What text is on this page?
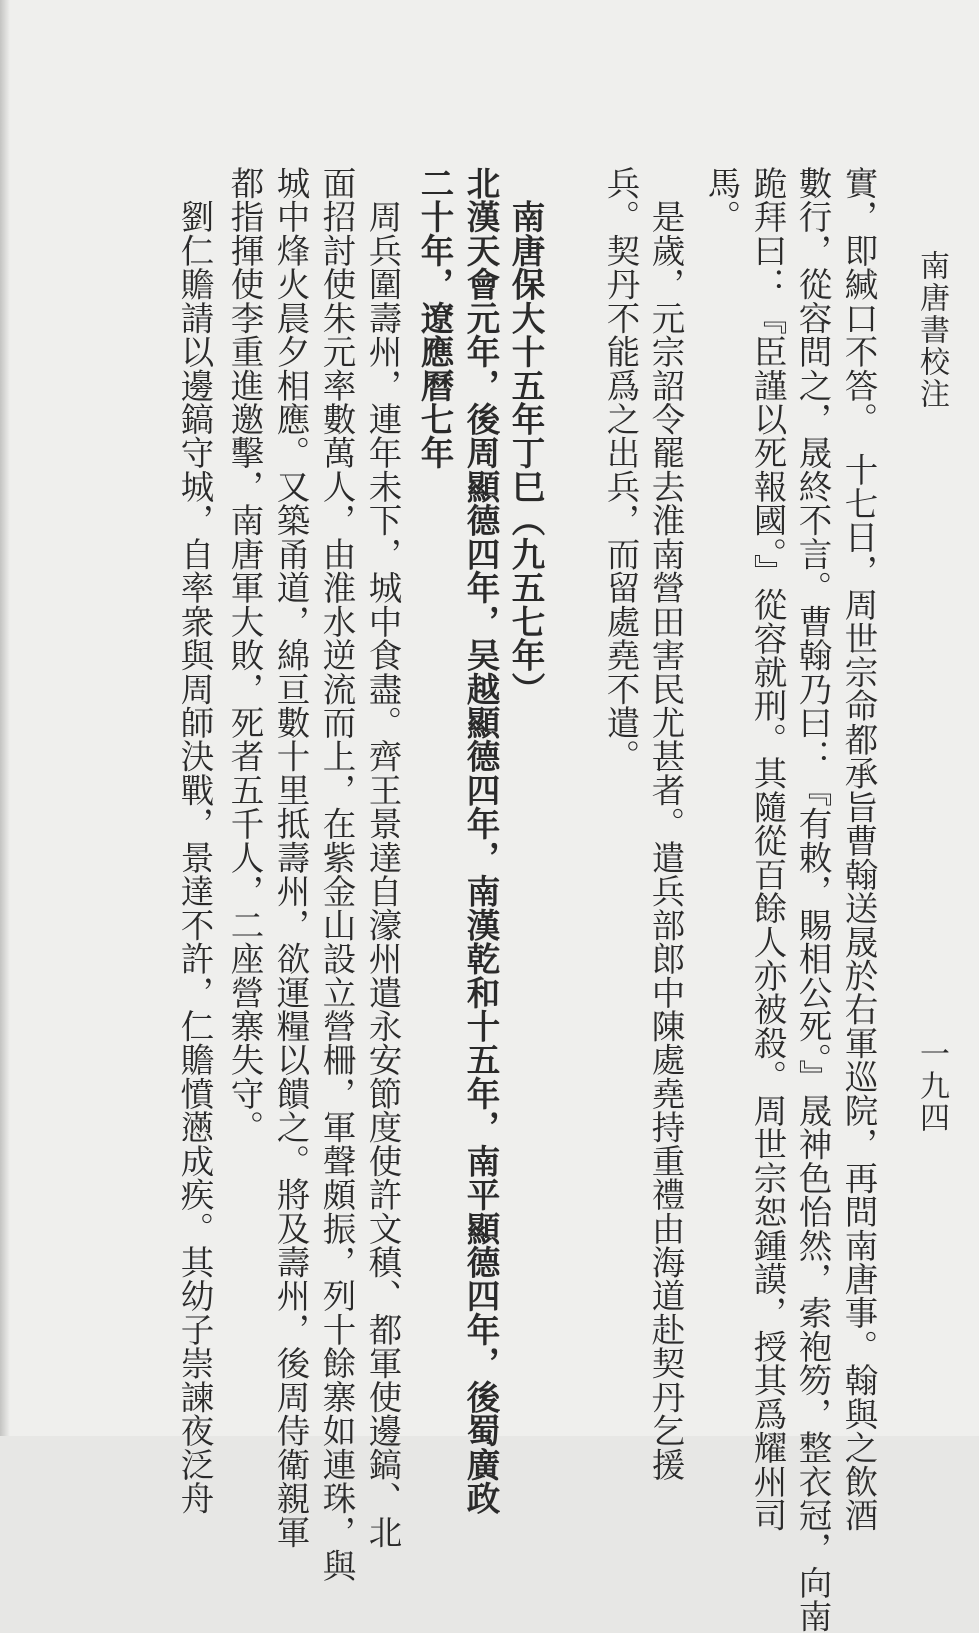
南唐書校注
一九四
實，即緘口不答。　十七日，周世宗命都承旨曹翰送晟於右軍巡院，再問南唐事。翰與之飲酒
數行，從容問之，晟終不言。曹翰乃曰：『有敕，賜相公死。』晟神色怡然，索袍笏，整衣冠，向南
跪拜曰：『臣謹以死報國。』從容就刑。其隨從百餘人亦被殺。周世宗恕鍾謨，授其爲耀州司
馬。
　是歲，元宗詔令罷去淮南營田害民尤甚者。遣兵部郎中陳處堯持重禮由海道赴契丹乞援
兵。契丹不能爲之出兵，而留處堯不遣。
　南唐保大十五年丁巳（九五七年）
北漢天會元年，後周顯德四年，吴越顯德四年，南漢乾和十五年，南平顯德四年，後蜀廣政
二十年，遼應曆七年
　周兵圍壽州，連年未下，城中食盡。齊王景達自濠州遣永安節度使許文稹、都軍使邊鎬、北
面招討使朱元率數萬人，由淮水逆流而上，在紫金山設立營柵，軍聲頗振，列十餘寨如連珠，與
城中烽火晨夕相應。又築甬道，綿亘數十里抵壽州，欲運糧以饋之。將及壽州，後周侍衛親軍
都指揮使李重進邀擊，南唐軍大敗，死者五千人，二座營寨失守。
　劉仁贍請以邊鎬守城，自率衆與周師決戰，景達不許，仁贍憤懣成疾。其幼子崇諫夜泛舟
